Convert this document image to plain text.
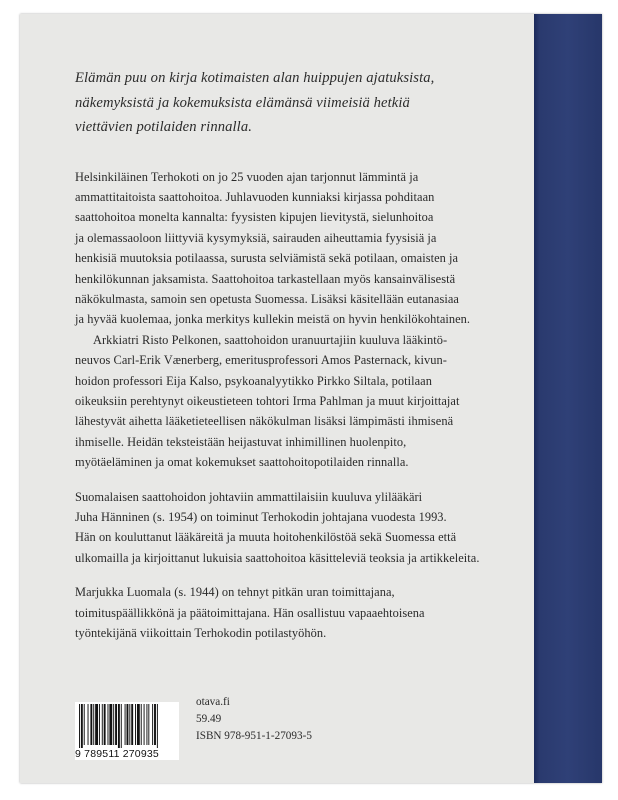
Elämän puu on kirja kotimaisten alan huippujen ajatuksista,
näkemyksistä ja kokemuksista elämänsä viimeisiä hetkiä
viettävien potilaiden rinnalla.

Helsinkiläinen Terhokoti on jo 25 vuoden ajan tarjonnut lämmintä ja
ammattitaitoista saattohoitoa. Juhlavuoden kunniaksi kirjassa pohditaan
saattohoitoa monelta kannalta: fyysisten kipujen lievitystä, sielunhoitoa
ja olemassaoloon liittyviä kysymyksiä, sairauden aiheuttamia fyysisiä ja
henkisiä muutoksia potilaassa, surusta selviämistä sekä potilaan, omaisten ja
henkilökunnan jaksamista. Saattohoitoa tarkastellaan myös kansainvälisestä
näkökulmasta, samoin sen opetusta Suomessa. Lisäksi käsitellään eutanasiaa
ja hyvää kuolemaa, jonka merkitys kullekin meistä on hyvin henkilökohtainen.

Arkkiatri Risto Pelkonen, saattohoidon uranuurtajiin kuuluva lääkintö-
neuvos Carl-Erik Vænerberg, emeritusprofessori Amos Pasternack, kivun-
hoidon professori Eija Kalso, psykoanalyytikko Pirkko Siltala, potilaan
oikeuksiin perehtynyt oikeustieteen tohtori Irma Pahlman ja muut kirjoittajat
lähestyvät aihetta lääketieteellisen näkökulman lisäksi lämpimästi ihmisenä
ihmiselle. Heidän teksteistään heijastuvat inhimillinen huolenpito,
myötäeläminen ja omat kokemukset saattohoitopotilaiden rinnalla.

Suomalaisen saattohoidon johtaviin ammattilaisiin kuuluva ylilääkäri
Juha Hänninen (s. 1954) on toiminut Terhokodin johtajana vuodesta 1993.
Hän on kouluttanut lääkäreitä ja muuta hoitohenkilöstöä sekä Suomessa että
ulkomailla ja kirjoittanut lukuisia saattohoitoa käsitteleviä teoksia ja artikkeleita.

Marjukka Luomala (s. 1944) on tehnyt pitkän uran toimittajana,
toimituspäällikkönä ja päätoimittajana. Hän osallistuu vapaaehtoisena
työntekijänä viikoittain Terhokodin potilastyöhön.

9 789511 270935
otava.fi
59.49
ISBN 978-951-1-27093-5
